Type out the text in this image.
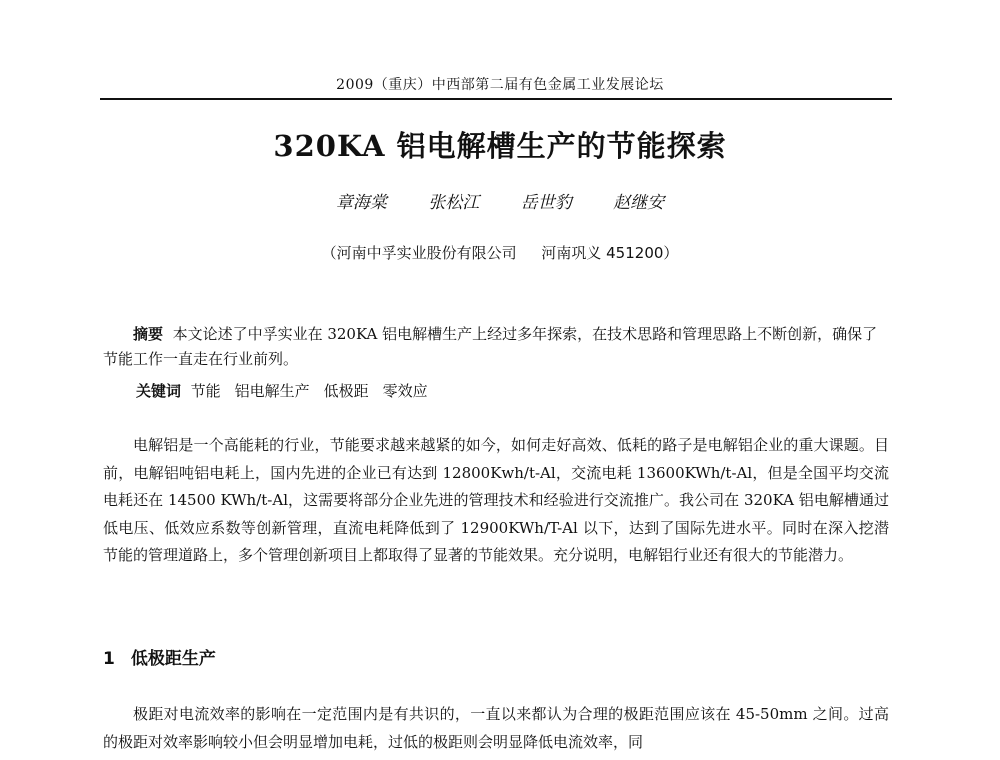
2009（重庆）中西部第二届有色金属工业发展论坛
320KA 铝电解槽生产的节能探索
章海棠 张松江 岳世豹 赵继安
（河南中孚实业股份有限公司 河南巩义 451200）

摘要 本文论述了中孚实业在 320KA 铝电解槽生产上经过多年探索，在技术思路和管理思路上不断创新，确保了节能工作一直走在行业前列。

关键词 节能 铝电解生产 低极距 零效应

电解铝是一个高能耗的行业，节能要求越来越紧的如今，如何走好高效、低耗的路子是电解铝企业的重大课题。目前，电解铝吨铝电耗上，国内先进的企业已有达到 12800Kwh/t-Al，交流电耗 13600KWh/t-Al，但是全国平均交流电耗还在 14500 KWh/t-Al，这需要将部分企业先进的管理技术和经验进行交流推广。我公司在 320KA 铝电解槽通过低电压、低效应系数等创新管理，直流电耗降低到了 12900KWh/T-Al 以下，达到了国际先进水平。同时在深入挖潜节能的管理道路上，多个管理创新项目上都取得了显著的节能效果。充分说明，电解铝行业还有很大的节能潜力。

1 低极距生产

极距对电流效率的影响在一定范围内是有共识的，一直以来都认为合理的极距范围应该在 45-50mm 之间。过高的极距对效率影响较小但会明显增加电耗，过低的极距则会明显降低电流效率，同
